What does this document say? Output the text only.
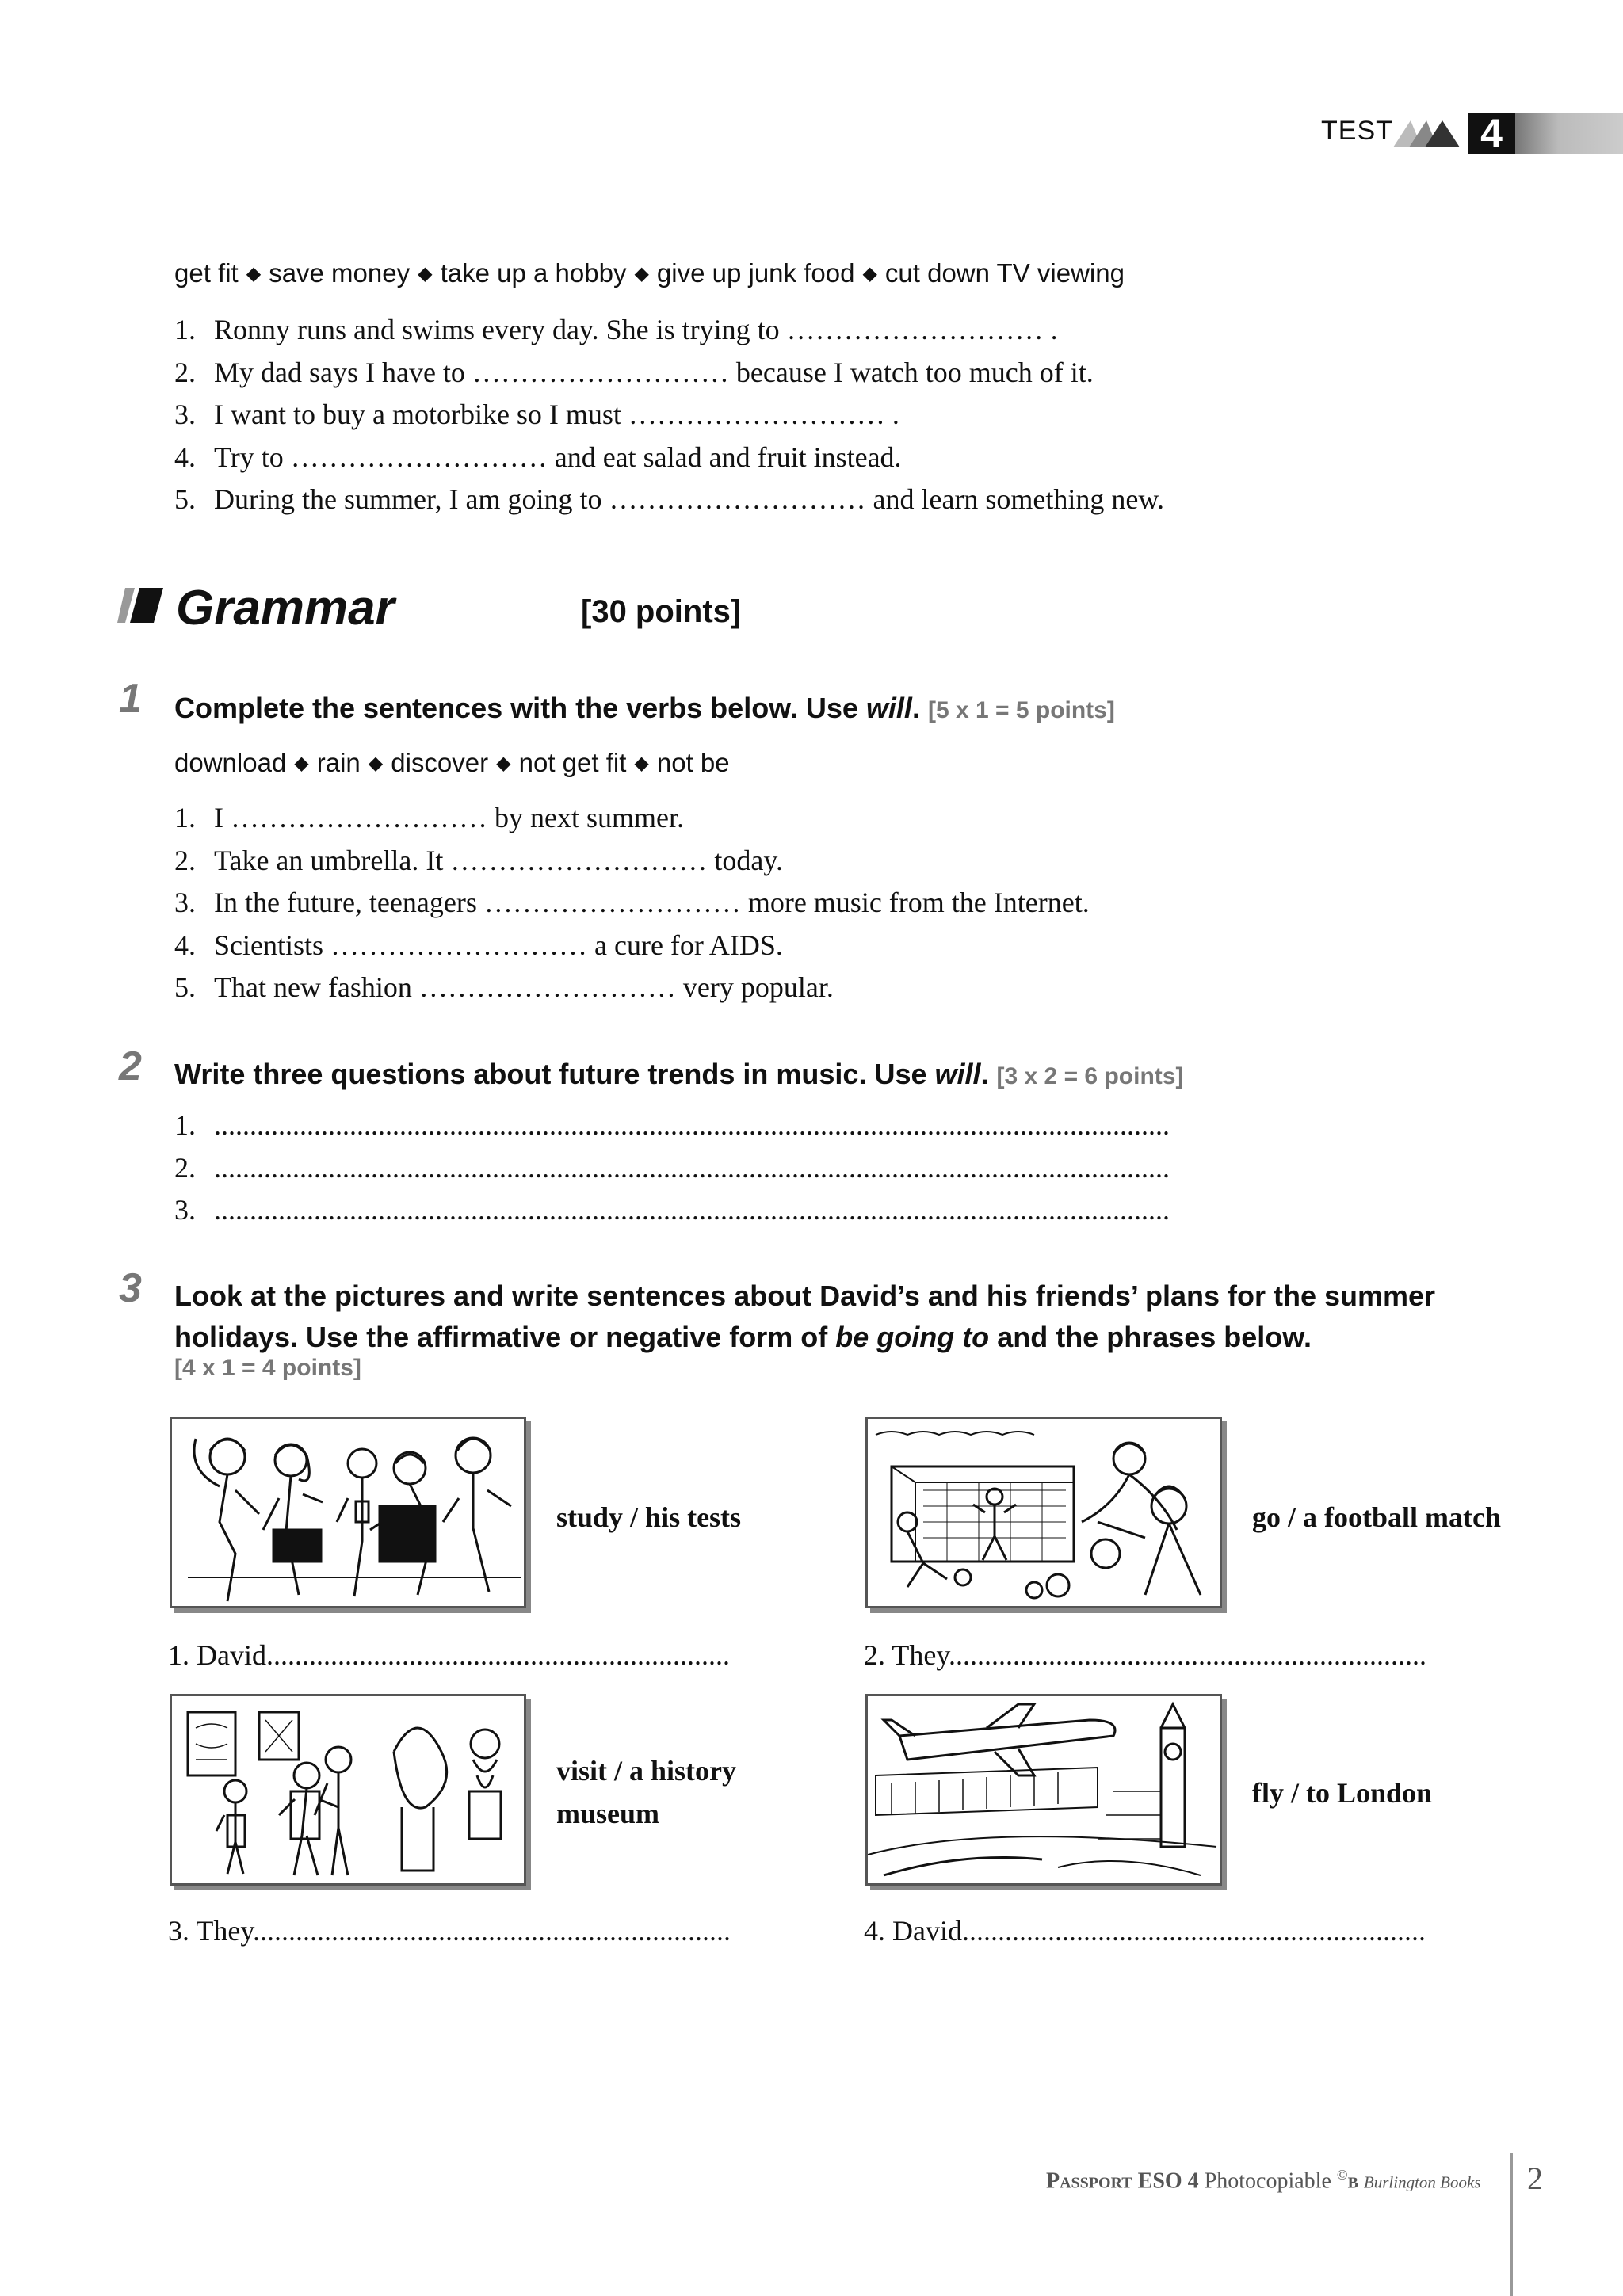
TEST	4
get fit ◆ save money ◆ take up a hobby ◆ give up junk food ◆ cut down TV viewing
1. Ronny runs and swims every day. She is trying to ……………………… .
2. My dad says I have to ……………………… because I watch too much of it.
3. I want to buy a motorbike so I must ……………………… .
4. Try to ……………………… and eat salad and fruit instead.
5. During the summer, I am going to ……………………… and learn something new.
Grammar	[30 points]
1 Complete the sentences with the verbs below. Use will. [5 x 1 = 5 points]
download ◆ rain ◆ discover ◆ not get fit ◆ not be
1. I ……………………… by next summer.
2. Take an umbrella. It ……………………… today.
3. In the future, teenagers ……………………… more music from the Internet.
4. Scientists ……………………… a cure for AIDS.
5. That new fashion ……………………… very popular.
2 Write three questions about future trends in music. Use will. [3 x 2 = 6 points]
1. ......................................................................................................................................
2. ......................................................................................................................................
3. ......................................................................................................................................
3 Look at the pictures and write sentences about David’s and his friends’ plans for the summer
holidays. Use the affirmative or negative form of be going to and the phrases below.
[4 x 1 = 4 points]
study / his tests	go / a football match
1. David.................................................................	2. They...................................................................
visit / a history
museum
fly / to London
3. They...................................................................	4. David.................................................................
Passport ESO 4 Photocopiable ©B Burlington Books 2
